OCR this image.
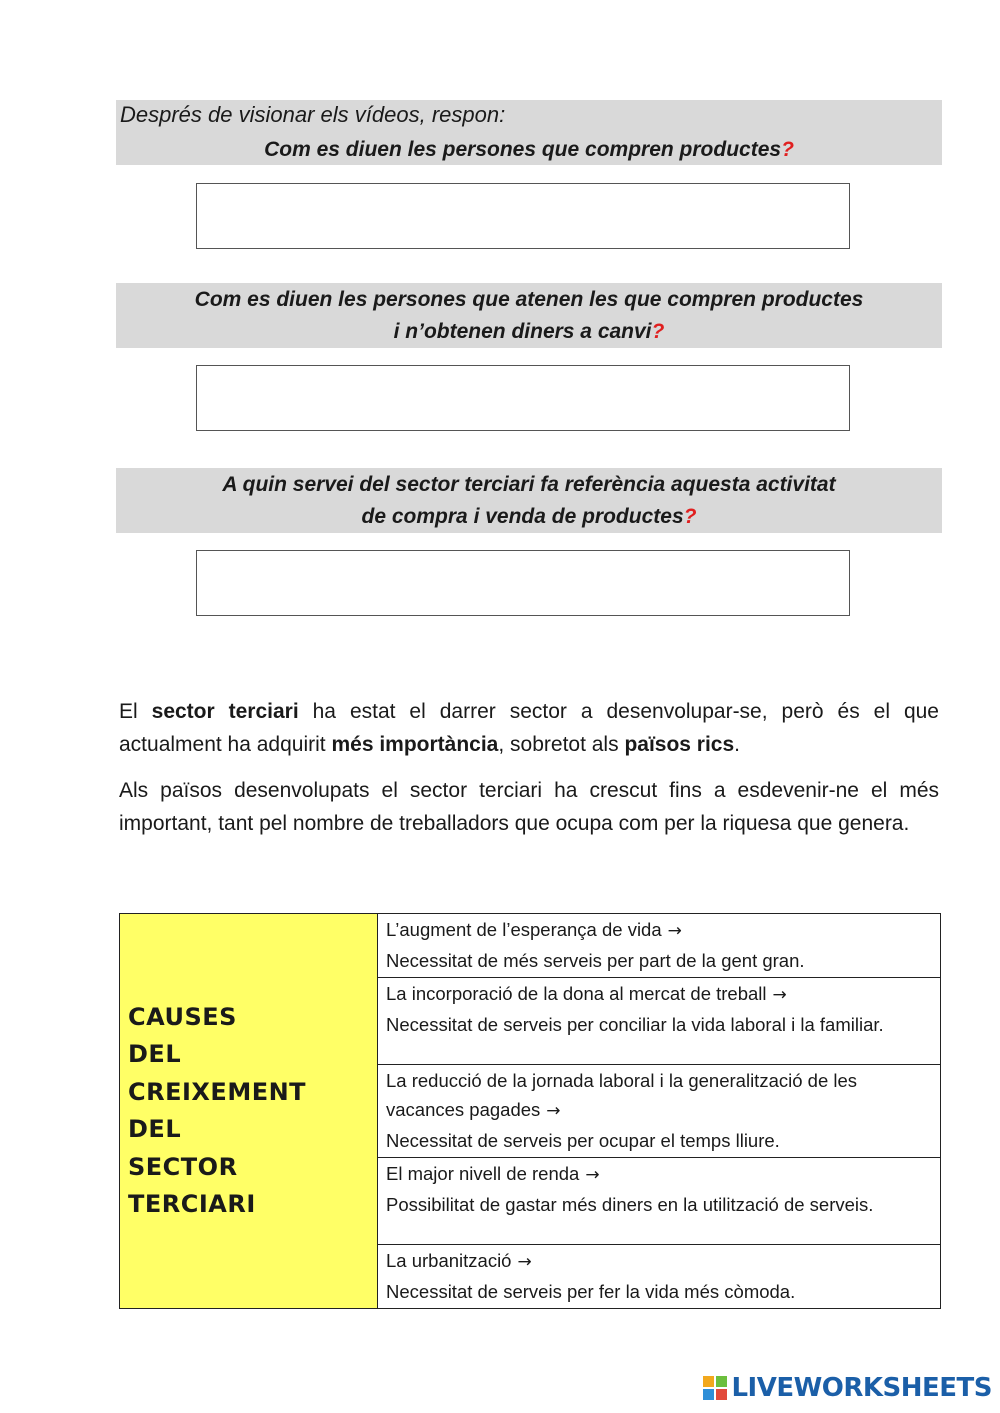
Després de visionar els vídeos, respon:
Com es diuen les persones que compren productes?
Com es diuen les persones que atenen les que compren productes
i n’obtenen diners a canvi?
A quin servei del sector terciari fa referència aquesta activitat
de compra i venda de productes?

El sector terciari ha estat el darrer sector a desenvolupar-se, però és el que actualment ha adquirit més importància, sobretot als països rics.

Als països desenvolupats el sector terciari ha crescut fins a esdevenir-ne el més important, tant pel nombre de treballadors que ocupa com per la riquesa que genera.

CAUSES
DEL
CREIXEMENT
DEL
SECTOR
TERCIARI

L’augment de l’esperança de vida →
Necessitat de més serveis per part de la gent gran.

La incorporació de la dona al mercat de treball →
Necessitat de serveis per conciliar la vida laboral i la familiar.

La reducció de la jornada laboral i la generalització de les vacances pagades →
Necessitat de serveis per ocupar el temps lliure.

El major nivell de renda →
Possibilitat de gastar més diners en la utilització de serveis.

La urbanització →
Necessitat de serveis per fer la vida més còmoda.
LIVEWORKSHEETS
